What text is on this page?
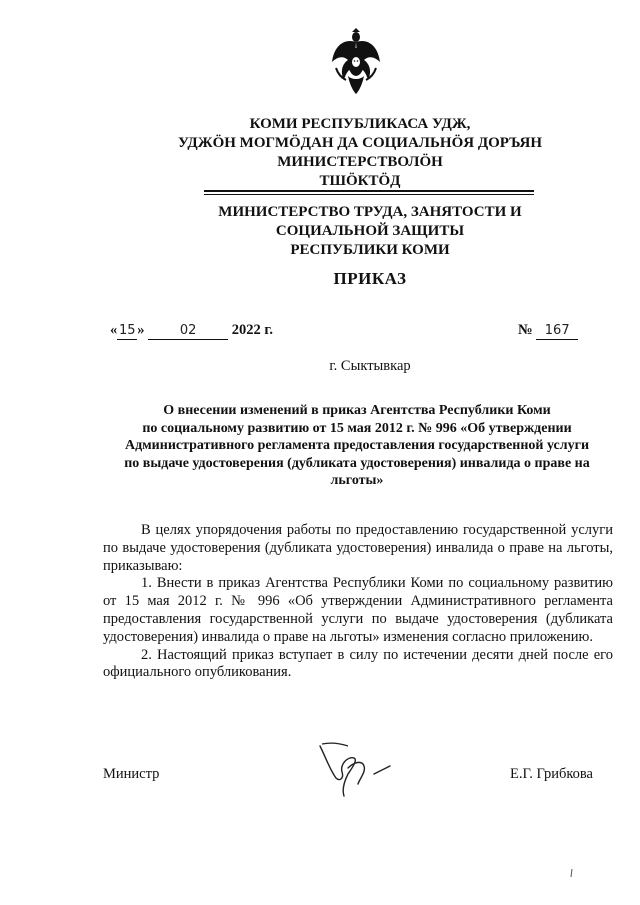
КОМИ РЕСПУБЛИКАСА УДЖ,
УДЖÖН МОГМÖДАН ДА СОЦИАЛЬНÖЯ ДОРЪЯН
МИНИСТЕРСТВОЛÖН
ТШÖКТÖД
МИНИСТЕРСТВО ТРУДА, ЗАНЯТОСТИ И
СОЦИАЛЬНОЙ ЗАЩИТЫ
РЕСПУБЛИКИ КОМИ
ПРИКАЗ
« 15 »	02 2022 г.	№ 167
г. Сыктывкар
О внесении изменений в приказ Агентства Республики Коми
по социальному развитию от 15 мая 2012 г. № 996 «Об утверждении
Административного регламента предоставления государственной услуги
по выдаче удостоверения (дубликата удостоверения) инвалида о праве на
льготы»

В целях упорядочения работы по предоставлению государственной услуги по выдаче удостоверения (дубликата удостоверения) инвалида о праве на льготы, приказываю:

1. Внести в приказ Агентства Республики Коми по социальному развитию от 15 мая 2012 г. № 996 «Об утверждении Административного регламента предоставления государственной услуги по выдаче удостоверения (дубликата удостоверения) инвалида о праве на льготы» изменения согласно приложению.

2. Настоящий приказ вступает в силу по истечении десяти дней после его официального опубликования.

Министр	Е.Г. Грибкова
